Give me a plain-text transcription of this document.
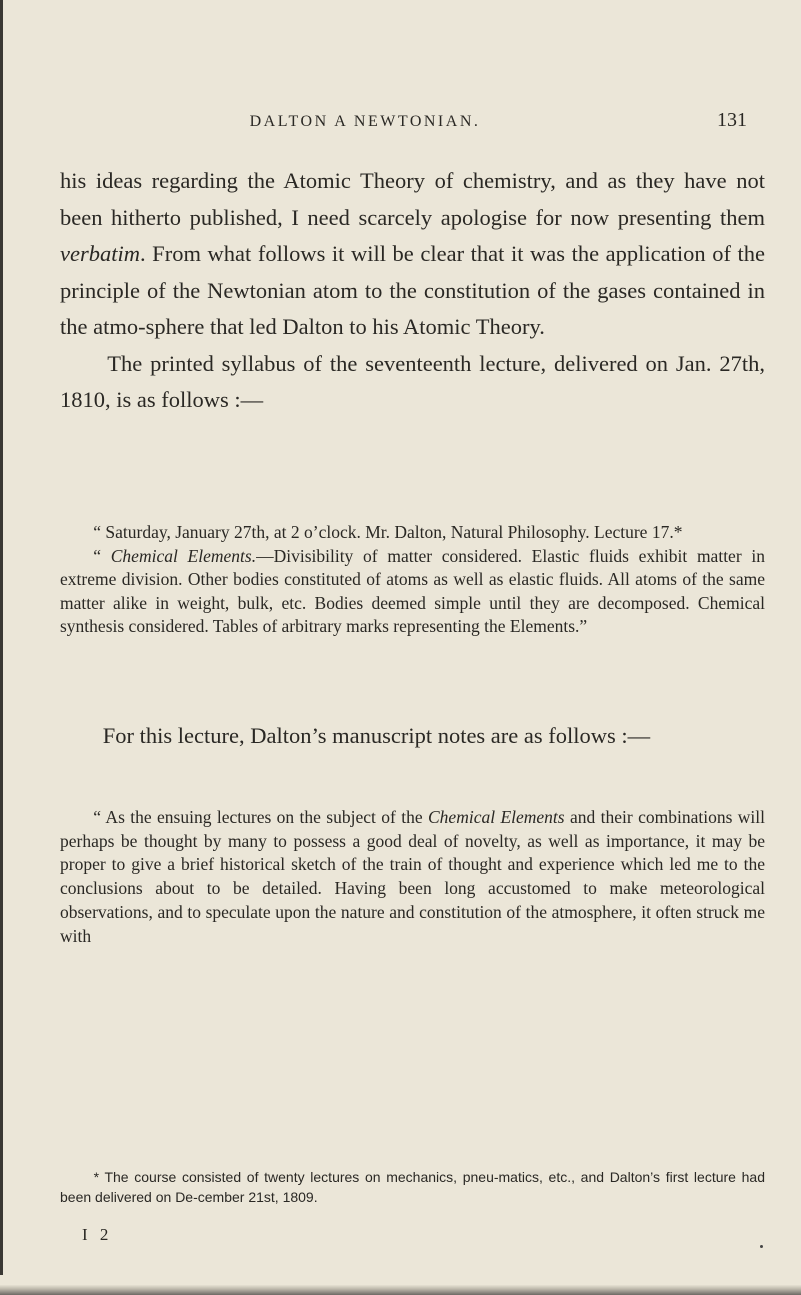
DALTON A NEWTONIAN.	131

his ideas regarding the Atomic Theory of chemistry, and as they have not been hitherto published, I need scarcely apologise for now presenting them verbatim. From what follows it will be clear that it was the application of the principle of the Newtonian atom to the constitution of the gases contained in the atmo-sphere that led Dalton to his Atomic Theory.

The printed syllabus of the seventeenth lecture, delivered on Jan. 27th, 1810, is as follows :—

“ Saturday, January 27th, at 2 o’clock. Mr. Dalton, Natural Philosophy. Lecture 17.*

“ Chemical Elements.—Divisibility of matter considered. Elastic fluids exhibit matter in extreme division. Other bodies constituted of atoms as well as elastic fluids. All atoms of the same matter alike in weight, bulk, etc. Bodies deemed simple until they are decomposed. Chemical synthesis considered. Tables of arbitrary marks representing the Elements.”

For this lecture, Dalton’s manuscript notes are as follows :—

“ As the ensuing lectures on the subject of the Chemical Elements and their combinations will perhaps be thought by many to possess a good deal of novelty, as well as importance, it may be proper to give a brief historical sketch of the train of thought and experience which led me to the conclusions about to be detailed. Having been long accustomed to make meteorological observations, and to speculate upon the nature and constitution of the atmosphere, it often struck me with

* The course consisted of twenty lectures on mechanics, pneu-matics, etc., and Dalton’s first lecture had been delivered on De-cember 21st, 1809.

I 2
